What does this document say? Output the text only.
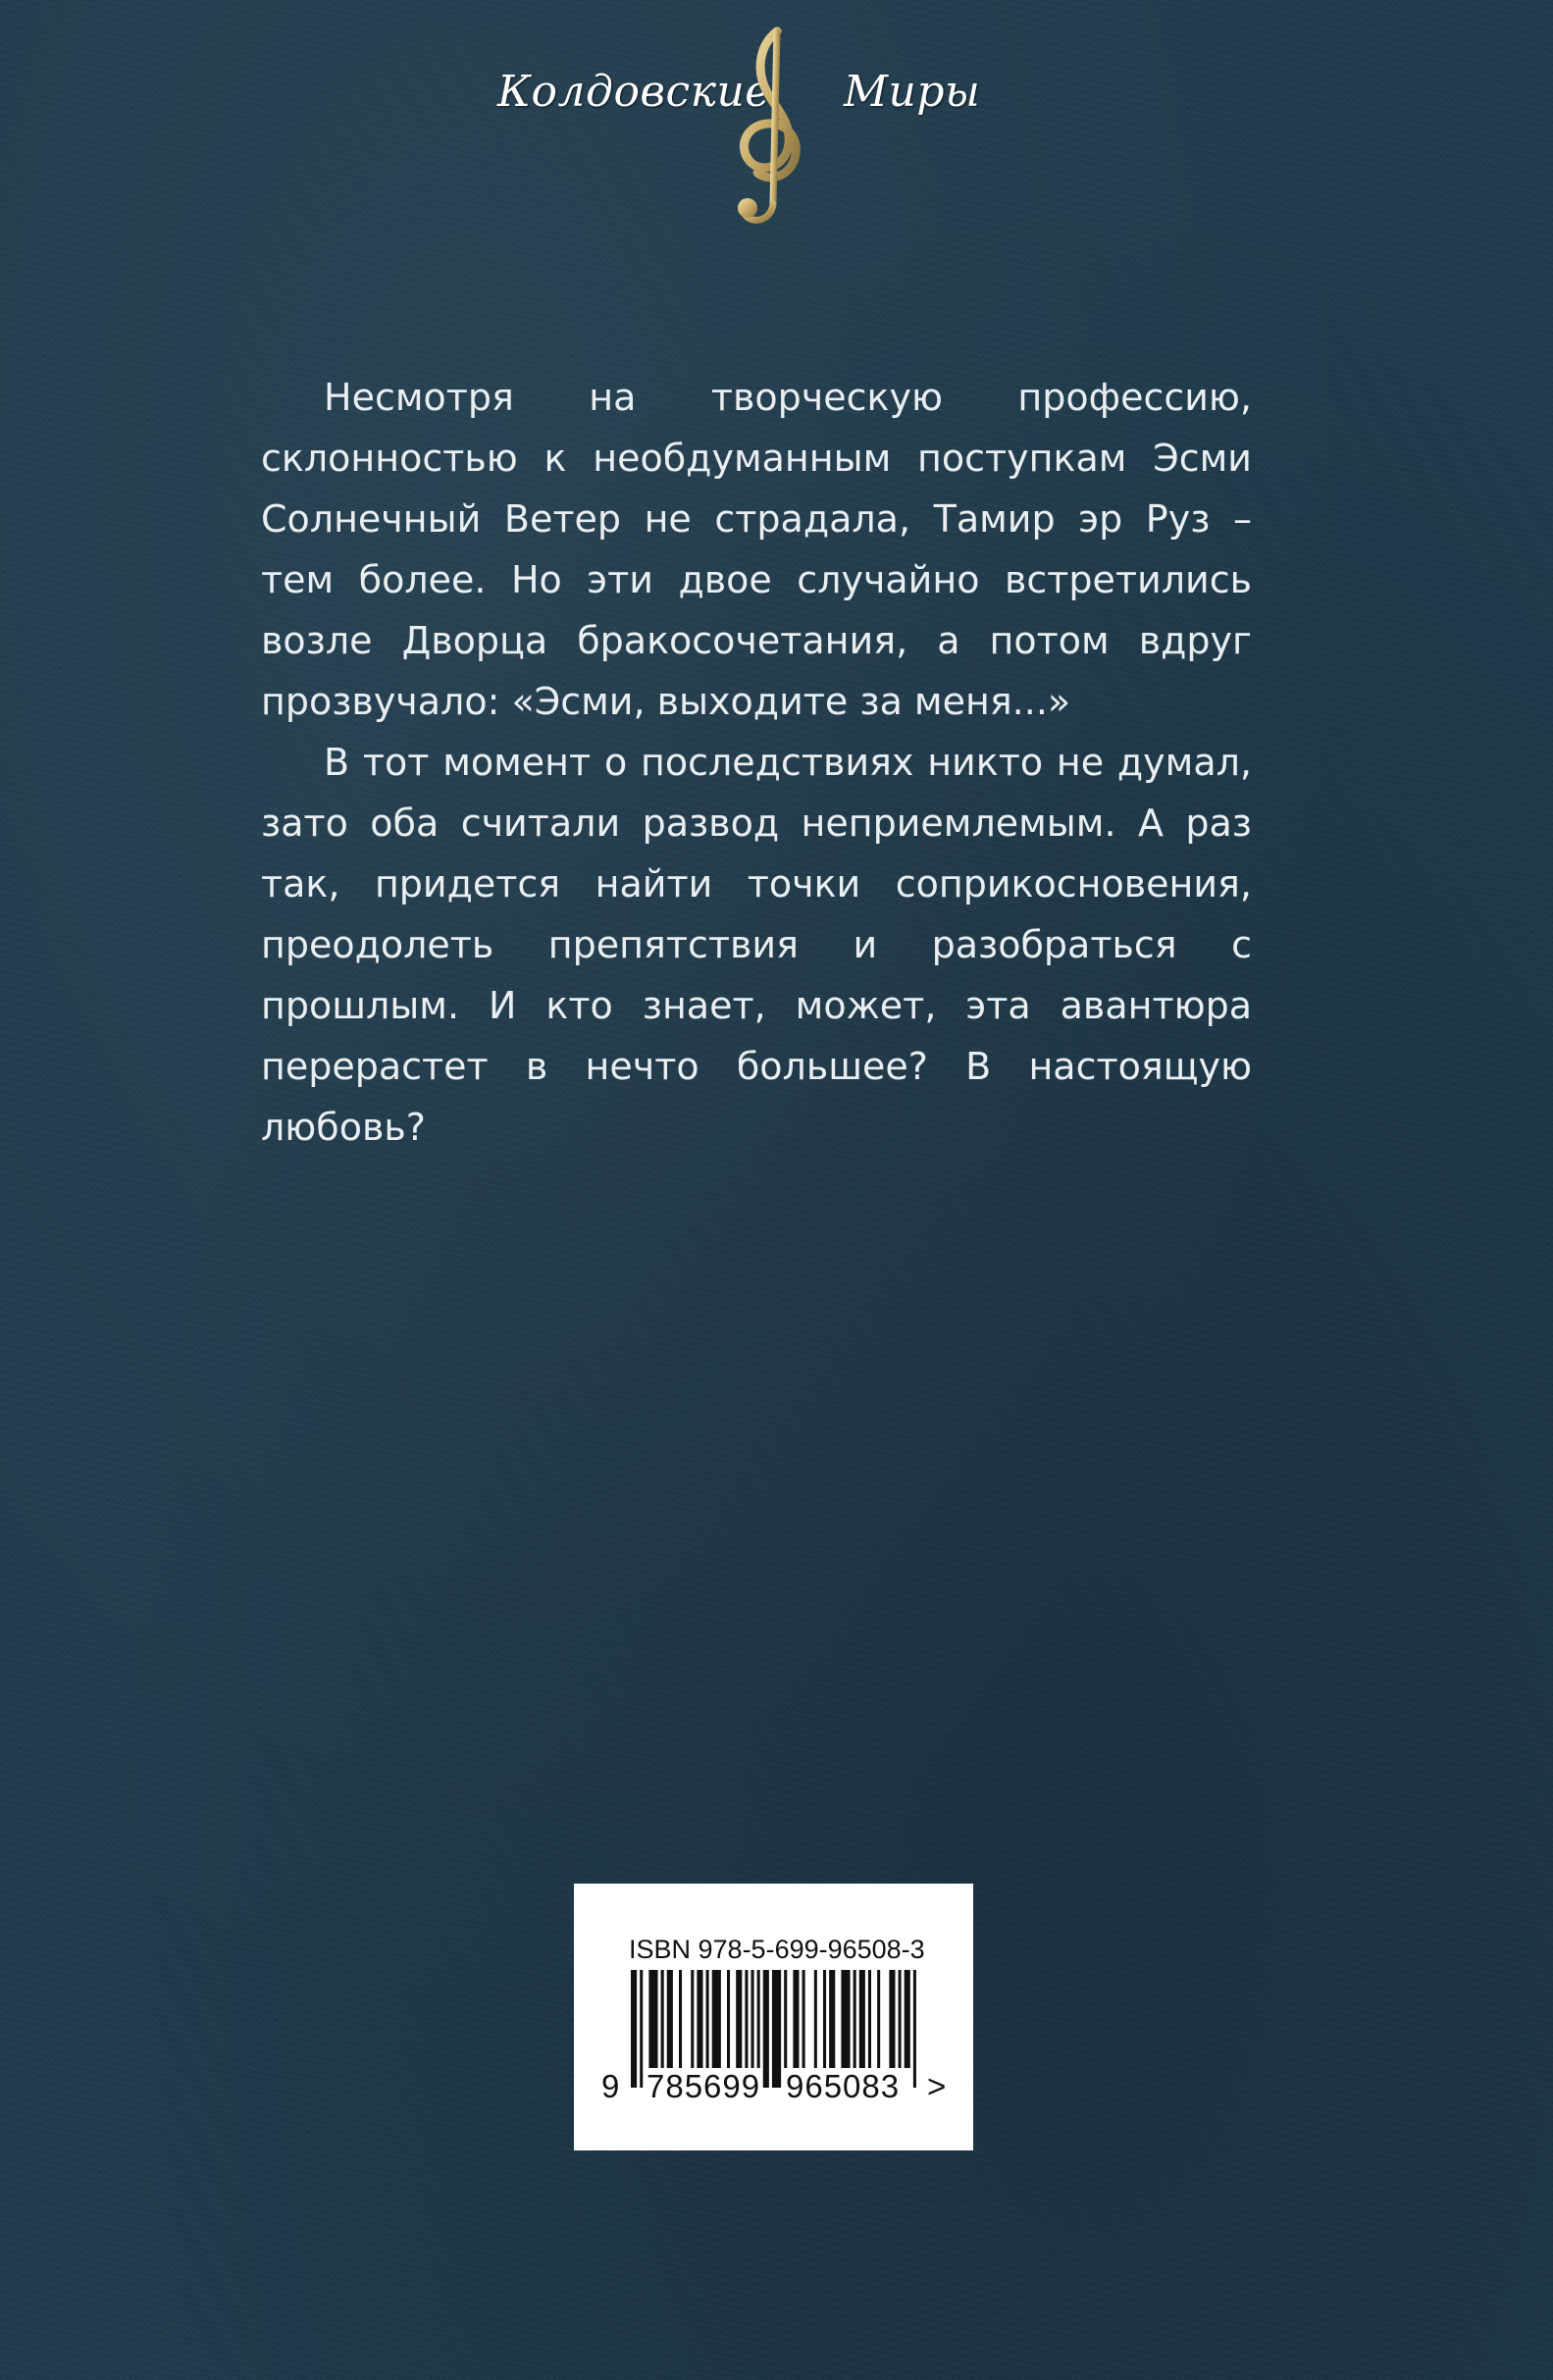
Колдовские Миры

Несмотря на творческую профессию, склонностью к необдуманным поступкам Эсми Солнечный Ветер не страдала, Тамир эр Руз – тем более. Но эти двое случайно встретились возле Дворца бракосочетания, а потом вдруг прозвучало: «Эсми, выходите за меня...»

В тот момент о последствиях никто не думал, зато оба считали развод неприемлемым. А раз так, придется найти точки соприкосновения, преодолеть препятствия и разобраться с прошлым. И кто знает, может, эта авантюра перерастет в нечто большее? В настоящую любовь?

ISBN 978-5-699-96508-3
9 785699 965083 >
